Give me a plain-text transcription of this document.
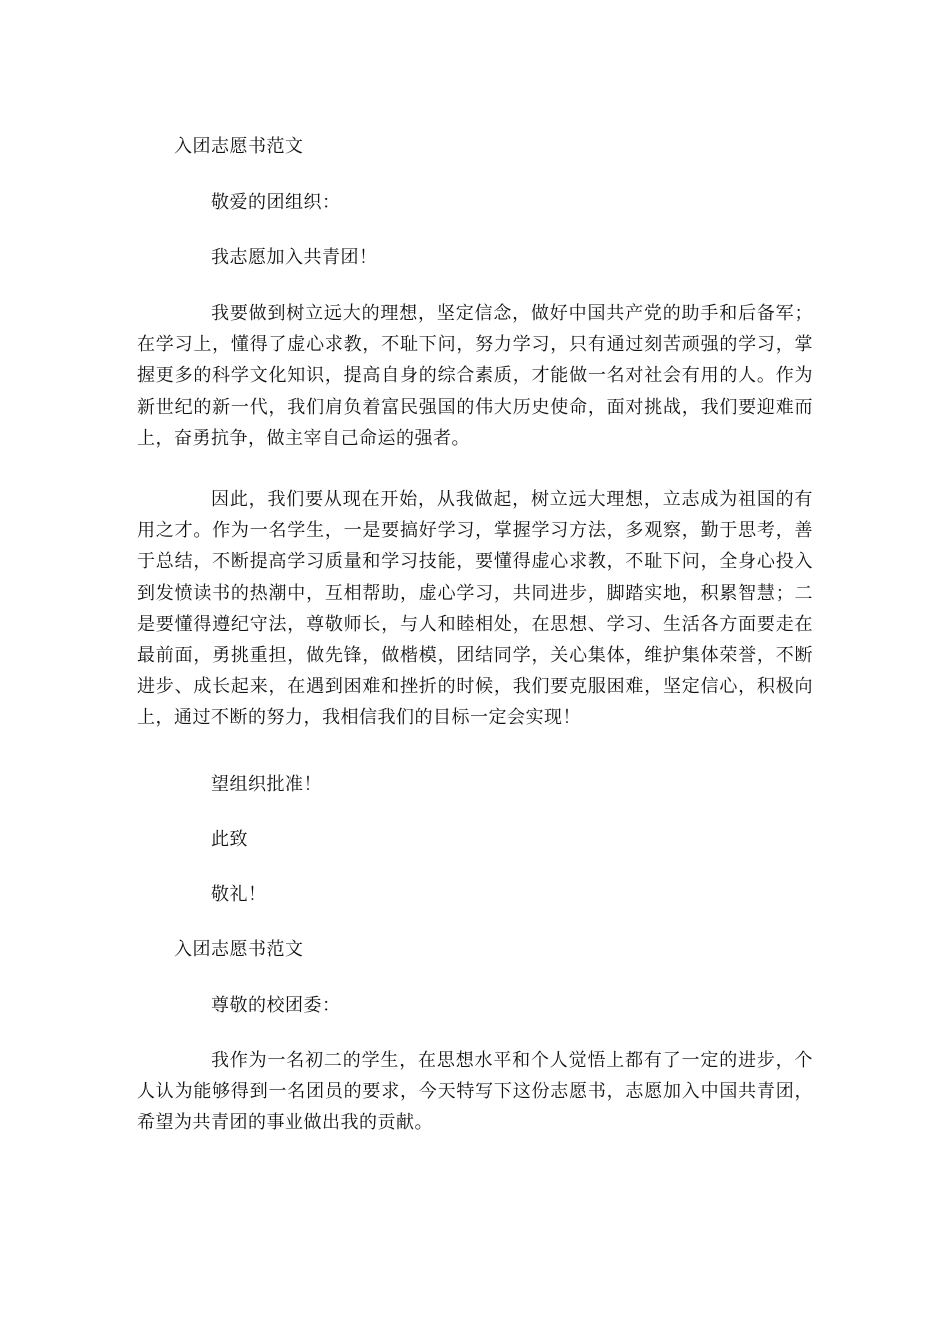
入团志愿书范文
敬爱的团组织：
我志愿加入共青团！
我要做到树立远大的理想，坚定信念，做好中国共产党的助手和后备军；在学习上，懂得了虚心求教，不耻下问，努力学习，只有通过刻苦顽强的学习，掌握更多的科学文化知识，提高自身的综合素质，才能做一名对社会有用的人。作为新世纪的新一代，我们肩负着富民强国的伟大历史使命，面对挑战，我们要迎难而上，奋勇抗争，做主宰自己命运的强者。
因此，我们要从现在开始，从我做起，树立远大理想，立志成为祖国的有用之才。作为一名学生，一是要搞好学习，掌握学习方法，多观察，勤于思考，善于总结，不断提高学习质量和学习技能，要懂得虚心求教，不耻下问，全身心投入到发愤读书的热潮中，互相帮助，虚心学习，共同进步，脚踏实地，积累智慧；二是要懂得遵纪守法，尊敬师长，与人和睦相处，在思想、学习、生活各方面要走在最前面，勇挑重担，做先锋，做楷模，团结同学，关心集体，维护集体荣誉，不断进步、成长起来，在遇到困难和挫折的时候，我们要克服困难，坚定信心，积极向上，通过不断的努力，我相信我们的目标一定会实现！
望组织批准！
此致
敬礼！
入团志愿书范文
尊敬的校团委：
我作为一名初二的学生，在思想水平和个人觉悟上都有了一定的进步，个人认为能够得到一名团员的要求，今天特写下这份志愿书，志愿加入中国共青团，希望为共青团的事业做出我的贡献。
